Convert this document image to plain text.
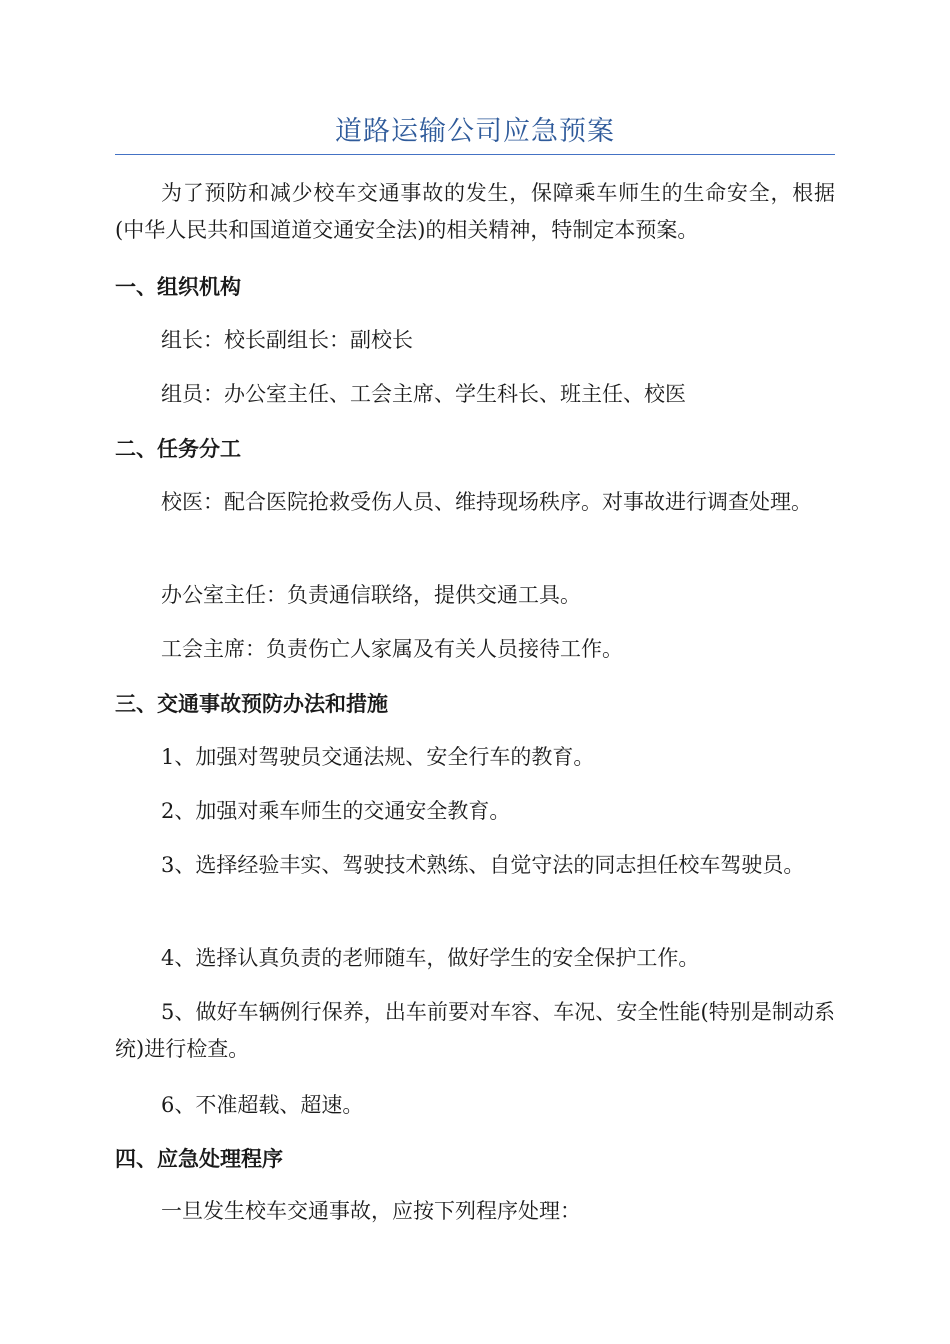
道路运输公司应急预案

为了预防和减少校车交通事故的发生，保障乘车师生的生命安全，根据(中华人民共和国道道交通安全法)的相关精神，特制定本预案。

一、组织机构

组长：校长副组长：副校长

组员：办公室主任、工会主席、学生科长、班主任、校医

二、任务分工

校医：配合医院抢救受伤人员、维持现场秩序。对事故进行调查处理。

办公室主任：负责通信联络，提供交通工具。

工会主席：负责伤亡人家属及有关人员接待工作。

三、交通事故预防办法和措施

1、加强对驾驶员交通法规、安全行车的教育。

2、加强对乘车师生的交通安全教育。

3、选择经验丰实、驾驶技术熟练、自觉守法的同志担任校车驾驶员。

4、选择认真负责的老师随车，做好学生的安全保护工作。

5、做好车辆例行保养，出车前要对车容、车况、安全性能(特别是制动系统)进行检查。

6、不准超载、超速。

四、应急处理程序

一旦发生校车交通事故，应按下列程序处理：
